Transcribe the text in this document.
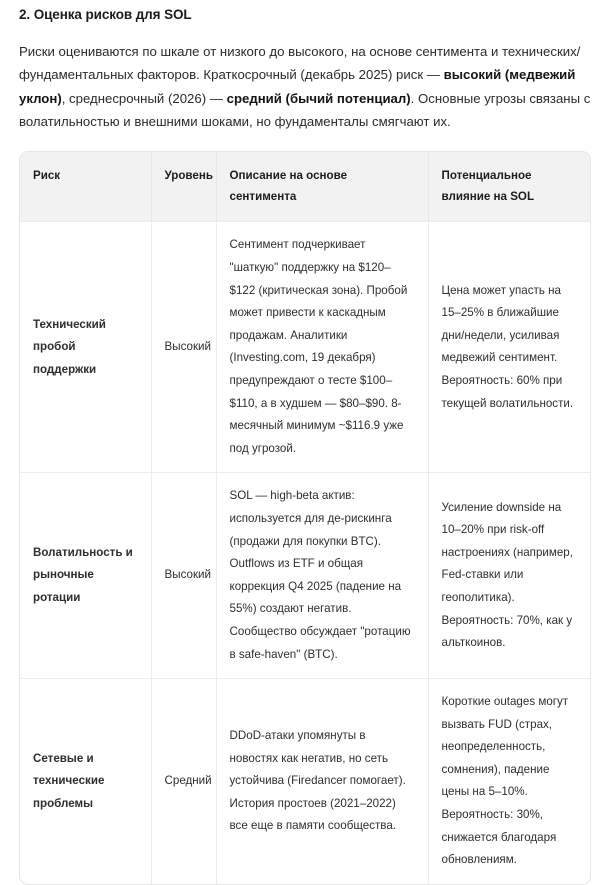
2. Оценка рисков для SOL

Риски оцениваются по шкале от низкого до высокого, на основе сентимента и технических/фундаментальных факторов. Краткосрочный (декабрь 2025) риск — высокий (медвежий уклон), среднесрочный (2026) — средний (бычий потенциал). Основные угрозы связаны с волатильностью и внешними шоками, но фундаменталы смягчают их.

Риск	Уровень	Описание на основе сентимента	Потенциальное влияние на SOL
Технический пробой поддержки	Высокий	Сентимент подчеркивает "шаткую" поддержку на $120–$122 (критическая зона). Пробой может привести к каскадным продажам. Аналитики (Investing.com, 19 декабря) предупреждают о тесте $100–$110, а в худшем — $80–$90. 8-месячный минимум ~$116.9 уже под угрозой.	Цена может упасть на 15–25% в ближайшие дни/недели, усиливая медвежий сентимент. Вероятность: 60% при текущей волатильности.
Волатильность и рыночные ротации	Высокий	SOL — high-beta актив: используется для де-рискинга (продажи для покупки BTC). Outflows из ETF и общая коррекция Q4 2025 (падение на 55%) создают негатив. Сообщество обсуждает "ротацию в safe-haven" (BTC).	Усиление downside на 10–20% при risk-off настроениях (например, Fed-ставки или геополитика). Вероятность: 70%, как у альткоинов.
Сетевые и технические проблемы	Средний	DDoD-атаки упомянуты в новостях как негатив, но сеть устойчива (Firedancer помогает). История простоев (2021–2022) все еще в памяти сообщества.	Короткие outages могут вызвать FUD (страх, неопределенность, сомнения), падение цены на 5–10%. Вероятность: 30%, снижается благодаря обновлениям.
